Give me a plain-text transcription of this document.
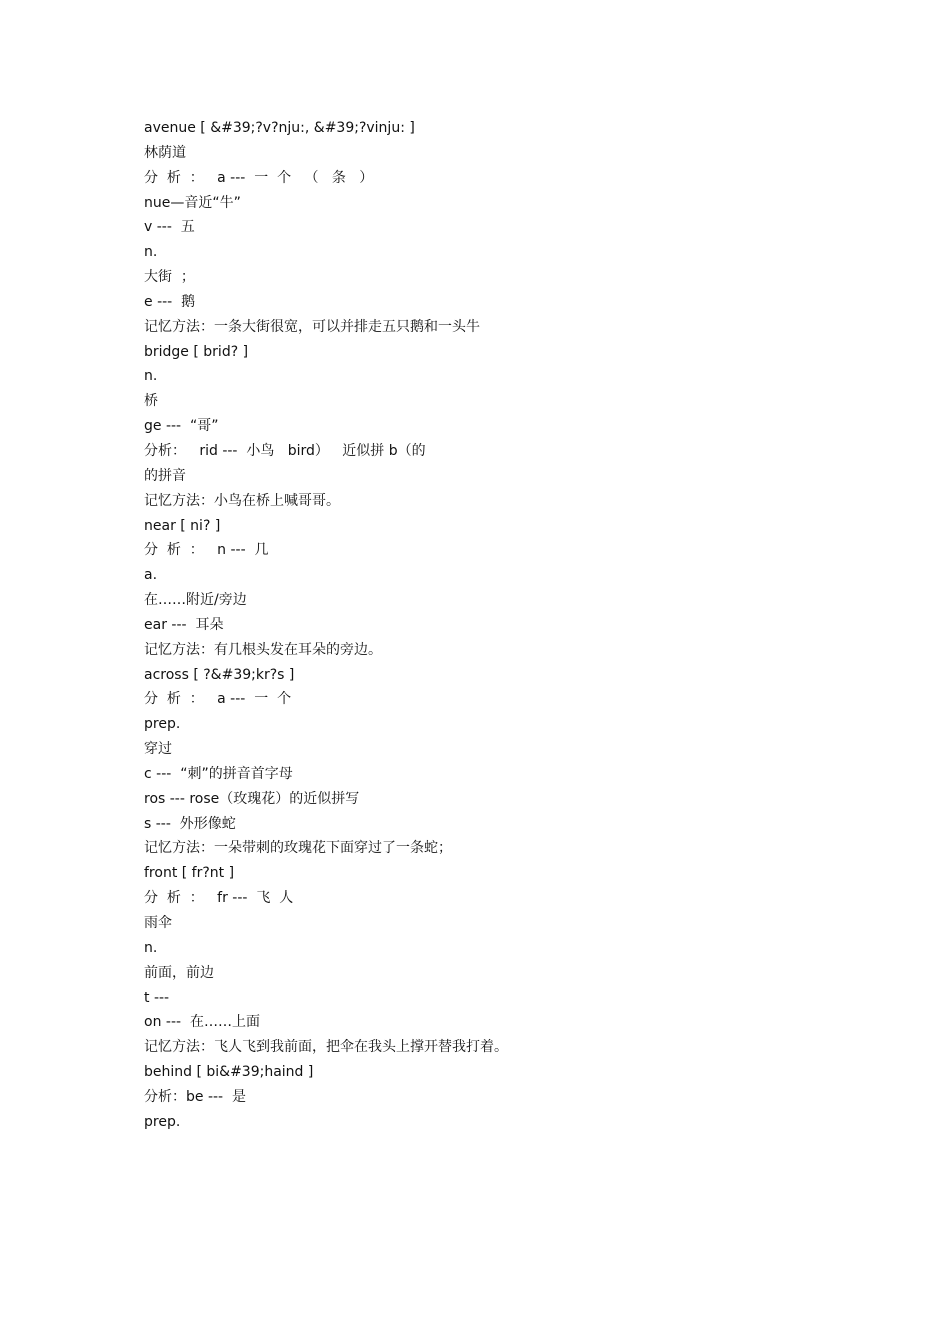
avenue [ &#39;?v?nju:, &#39;?vinju: ]
林荫道
分  析  ：   a ---  一  个   （   条   ）
nue—音近“牛”
v ---  五
n.
大街  ；
e ---  鹅
记忆方法：一条大街很宽，可以并排走五只鹅和一头牛
bridge [ brid? ]
n.
桥
ge ---  “哥”
分析：   rid ---  小鸟   bird）   近似拼 b（的
的拼音
记忆方法：小鸟在桥上喊哥哥。
near [ ni? ]
分  析  ：   n ---  几
a.
在……附近/旁边
ear ---  耳朵
记忆方法：有几根头发在耳朵的旁边。
across [ ?&#39;kr?s ]
分  析  ：   a ---  一  个
prep.
穿过
c ---  “刺”的拼音首字母
ros --- rose（玫瑰花）的近似拼写
s ---  外形像蛇
记忆方法：一朵带刺的玫瑰花下面穿过了一条蛇；
front [ fr?nt ]
分  析  ：   fr ---  飞  人
雨伞
n.
前面，前边
t ---
on ---  在……上面
记忆方法：飞人飞到我前面，把伞在我头上撑开替我打着。
behind [ bi&#39;haind ]
分析：be ---  是
prep.
